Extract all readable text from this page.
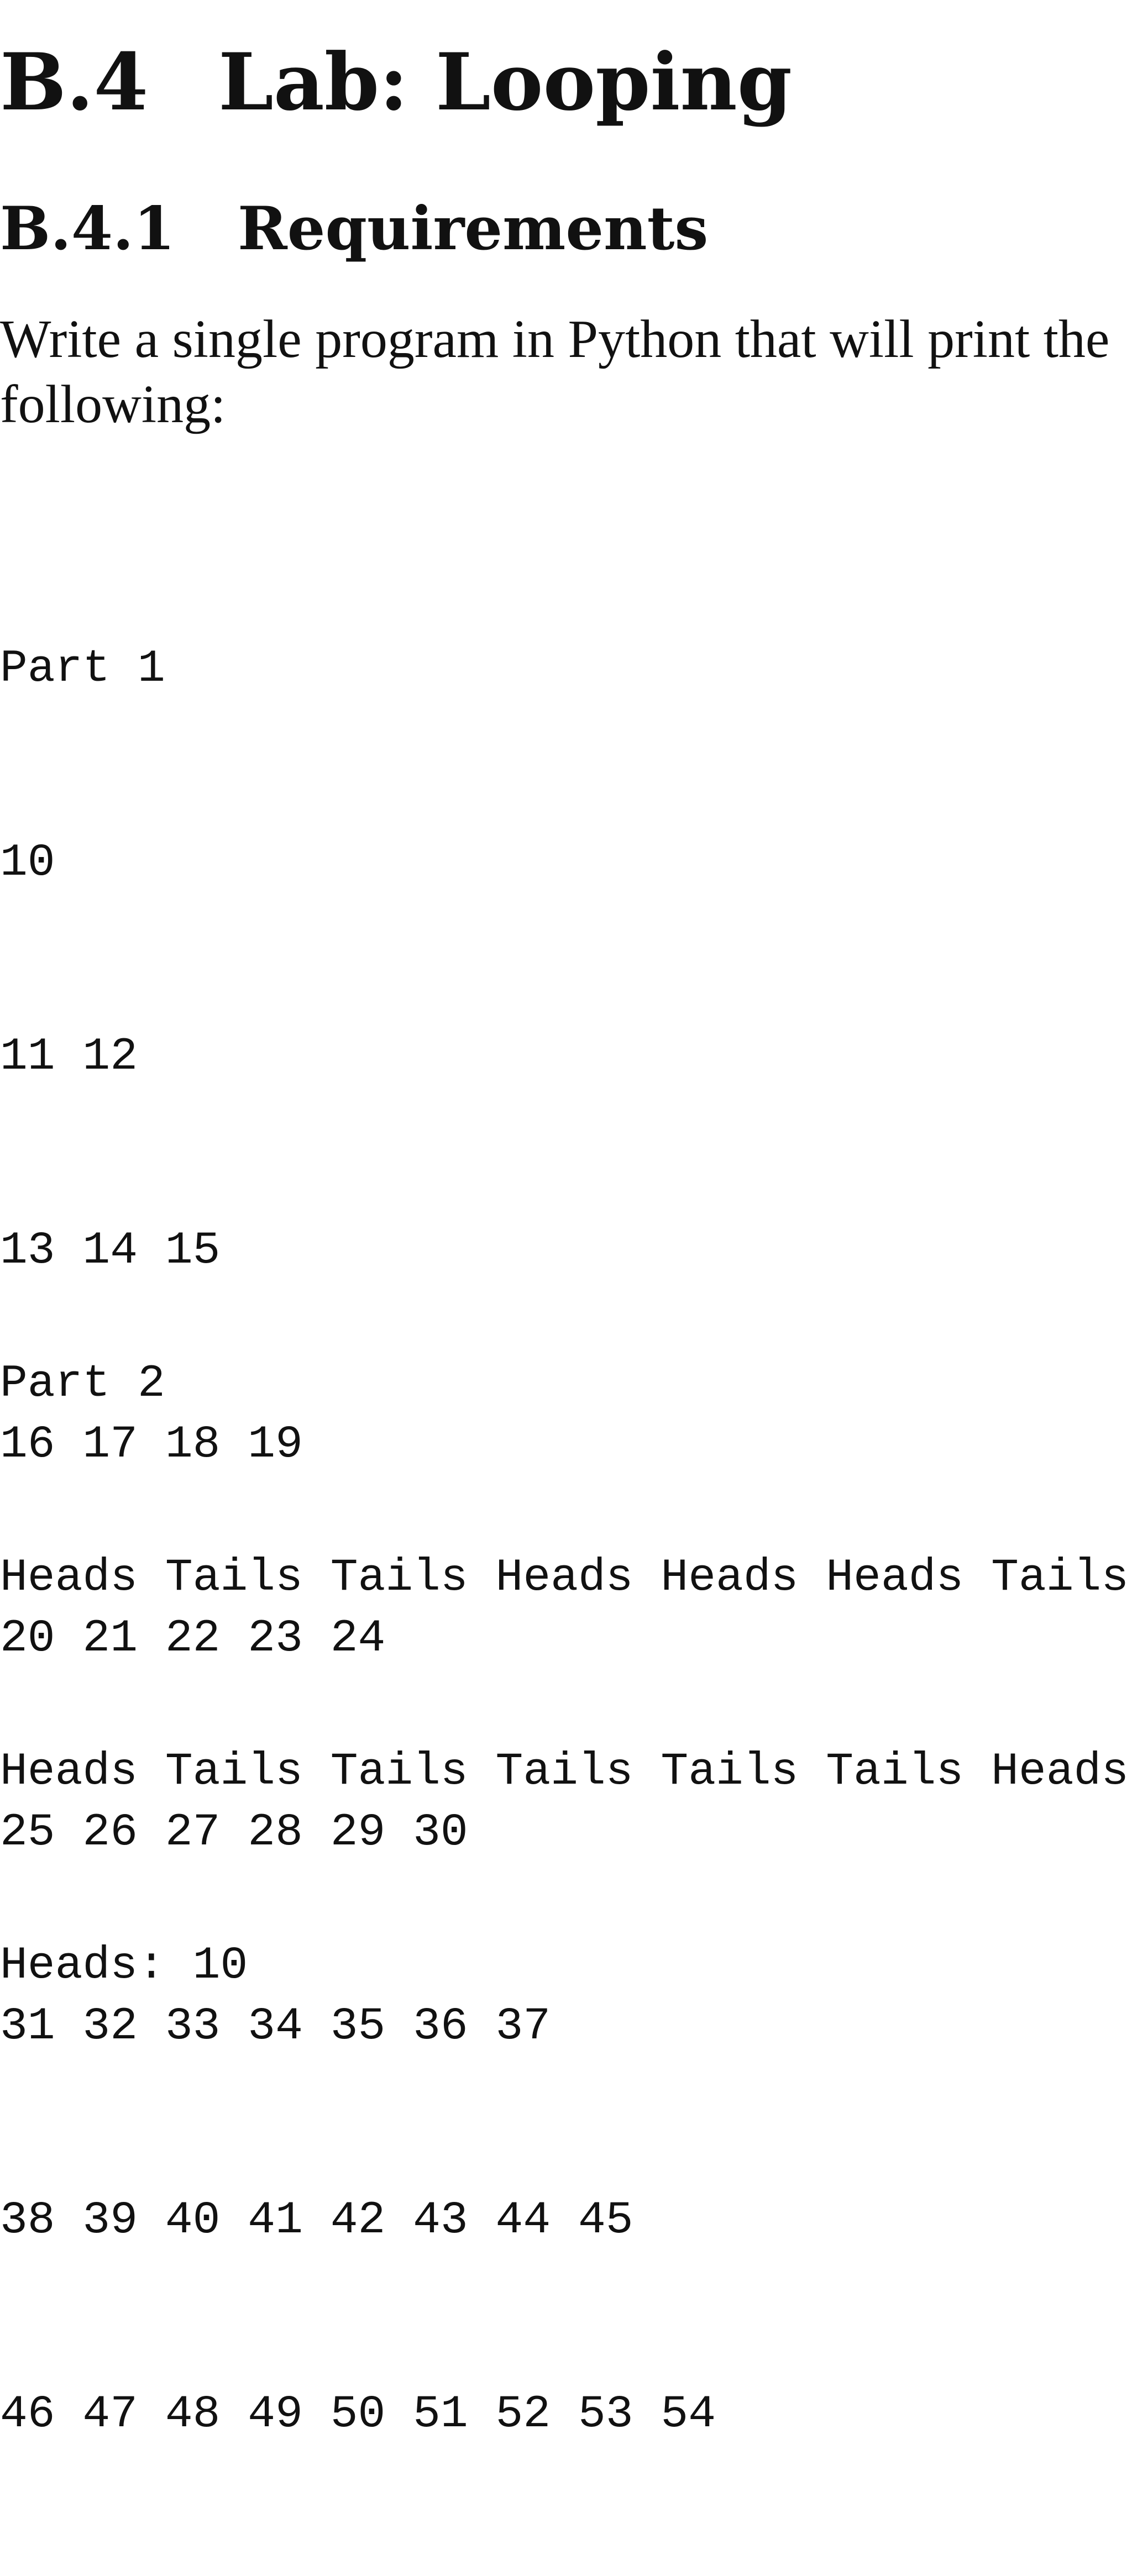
B.4 Lab: Looping
B.4.1 Requirements

Write a single program in Python that will print the following:

Part 1

10

11 12

13 14 15

16 17 18 19

20 21 22 23 24

25 26 27 28 29 30

31 32 33 34 35 36 37

38 39 40 41 42 43 44 45

46 47 48 49 50 51 52 53 54

Part 2

Heads Tails Tails Heads Heads Heads Tails

Heads Tails Tails Tails Tails Tails Heads

Heads: 10
